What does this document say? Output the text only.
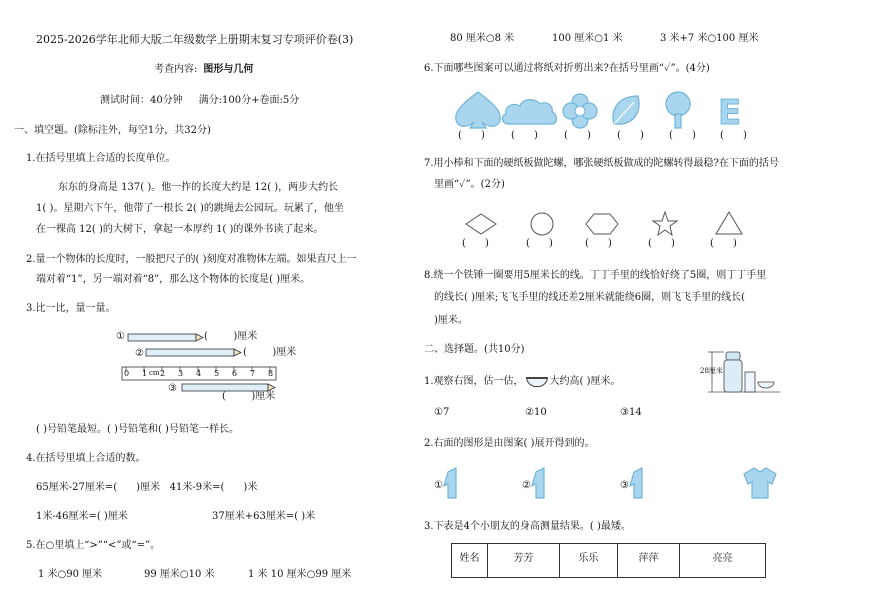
2025-2026学年北师大版二年级数学上册期末复习专项评价卷(3)
考查内容: 图形与几何
测试时间：40分钟     满分:100分+卷面:5分
一、填空题。(除标注外，每空1分，共32分)
1.在括号里填上合适的长度单位。
东东的身高是 137( )。他一拃的长度大约是 12( )，两步大约长
1( )。星期六下午，他带了一根长 2( )的跳绳去公园玩。玩累了，他坐
在一棵高 12( )的大树下，拿起一本厚约 1( )的课外书读了起来。
2.量一个物体的长度时，一般把尺子的( )刻度对准物体左端。如果直尺上一
端对着“1”，另一端对着“8”，那么这个物体的长度是( )厘米。
3.比一比，量一量。
①
②
③
(        )厘米
(        )厘米
(        )厘米
0 1 cm 2 3 4 5 6 7 8
( )号铅笔最短。( )号铅笔和( )号铅笔一样长。
4.在括号里填上合适的数。
65厘米-27厘米=(      )厘米   41米-9米=(      )米
1米-46厘米=( )厘米	37厘米+63厘米=( )米
5.在○里填上“>”“<”或“=”。
1 米○90 厘米	99 厘米○10 米	1 米 10 厘米○99 厘米
80 厘米○8 米	100 厘米○1 米	3 米+7 米○100 厘米
6.下面哪些图案可以通过将纸对折剪出来?在括号里画“✓”。(4分)
E
(      )	(      )	(      )	(      )	(      ) (      )
7.用小棒和下面的硬纸板做陀螺，哪张硬纸板做成的陀螺转得最稳?在下面的括号
里画“✓”。(2分)
(      )	(      )	(      )	(      )	(      )
8.绕一个铁锤一圈要用5厘米长的线。丁丁手里的线恰好绕了5圈，则丁丁手里
的线长( )厘米;飞飞手里的线还差2厘米就能绕6圈，则飞飞手里的线长(
)厘米。
二、选择题。(共10分)
1.观察右图，估一估，	大约高( )厘米。
①7	②10	③14
28厘米
2.右面的图形是由图案( )展开得到的。
①	②	③
3.下表是4个小朋友的身高测量结果。( )最矮。
姓名	芳芳	乐乐	萍萍	亮亮
